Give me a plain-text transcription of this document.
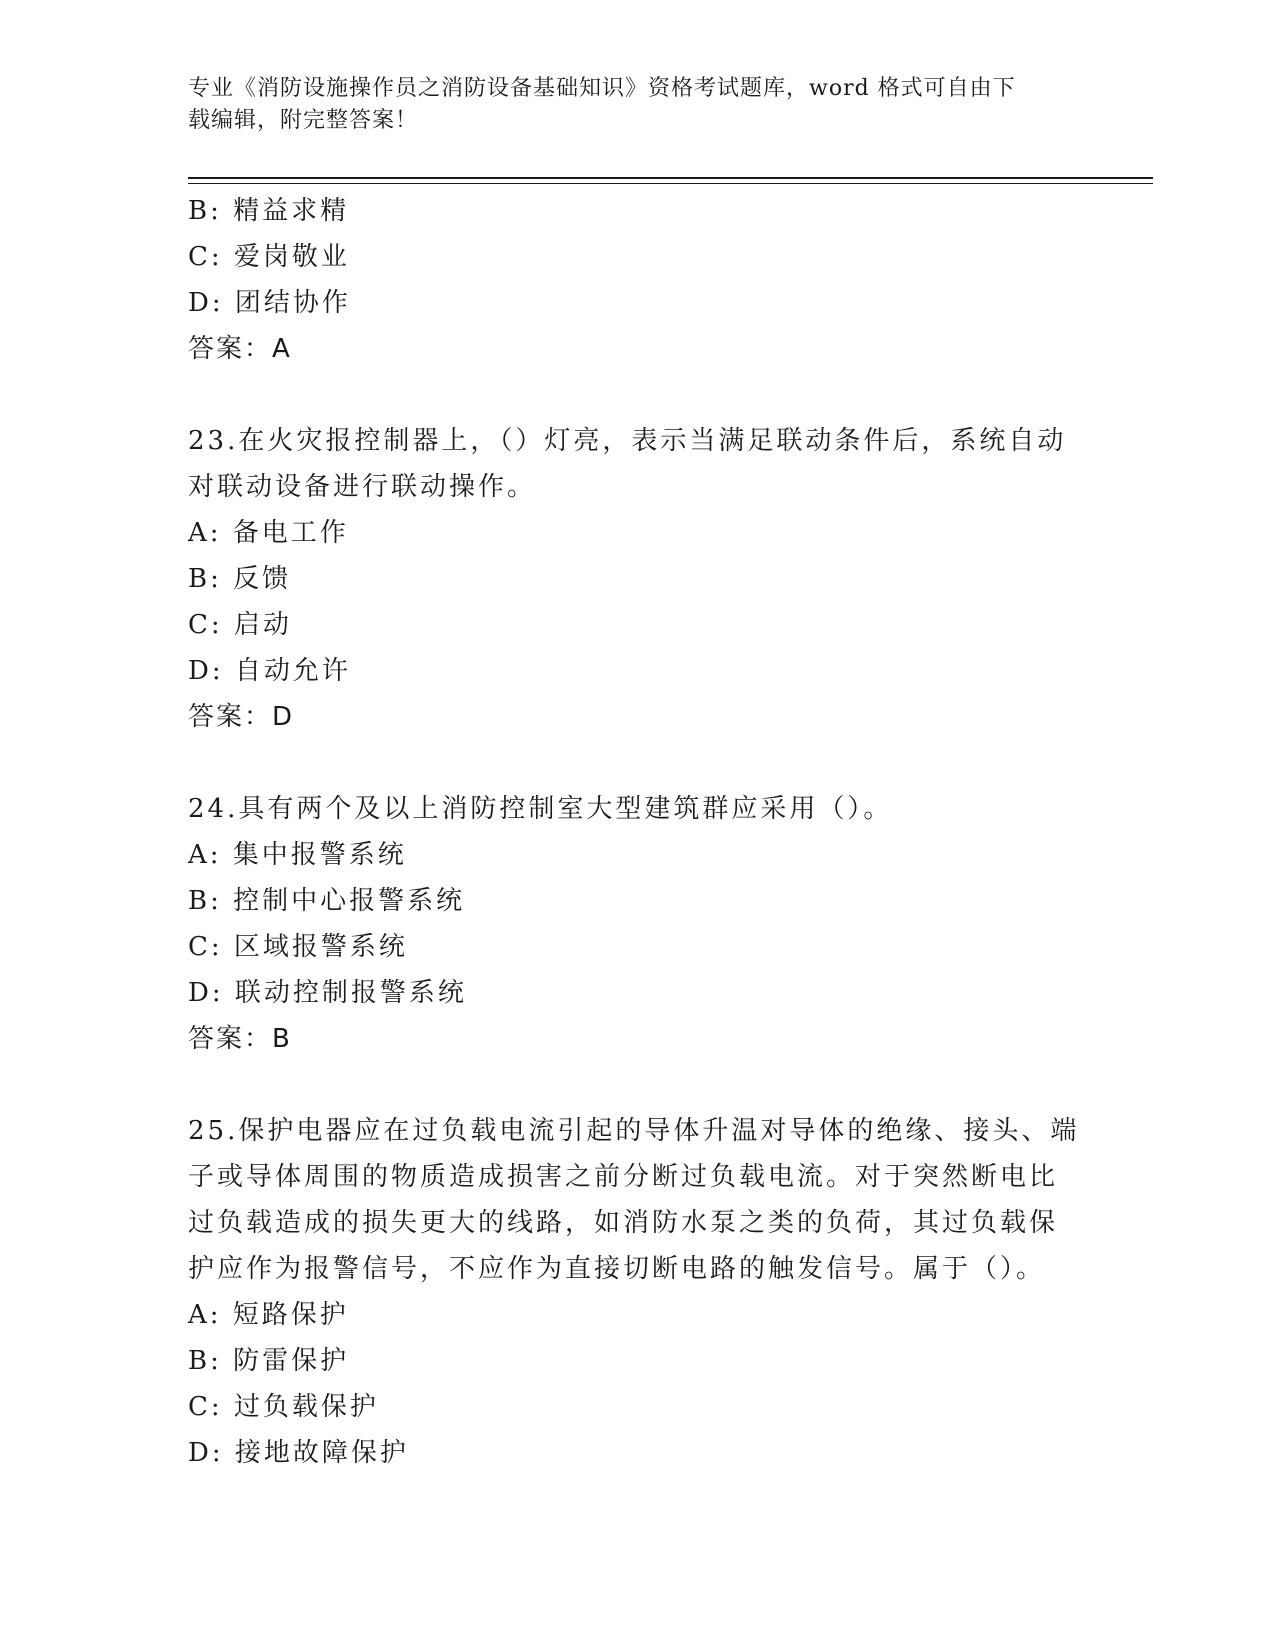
专业《消防设施操作员之消防设备基础知识》资格考试题库，word 格式可自由下
载编辑，附完整答案！
B: 精益求精
C: 爱岗敬业
D: 团结协作
答案：A
23.在火灾报控制器上，（）灯亮，表示当满足联动条件后，系统自动
对联动设备进行联动操作。
A: 备电工作
B: 反馈
C: 启动
D: 自动允许
答案：D
24.具有两个及以上消防控制室大型建筑群应采用（）。
A: 集中报警系统
B: 控制中心报警系统
C: 区域报警系统
D: 联动控制报警系统
答案：B
25.保护电器应在过负载电流引起的导体升温对导体的绝缘、接头、端
子或导体周围的物质造成损害之前分断过负载电流。对于突然断电比
过负载造成的损失更大的线路，如消防水泵之类的负荷，其过负载保
护应作为报警信号，不应作为直接切断电路的触发信号。属于（）。
A: 短路保护
B: 防雷保护
C: 过负载保护
D: 接地故障保护
